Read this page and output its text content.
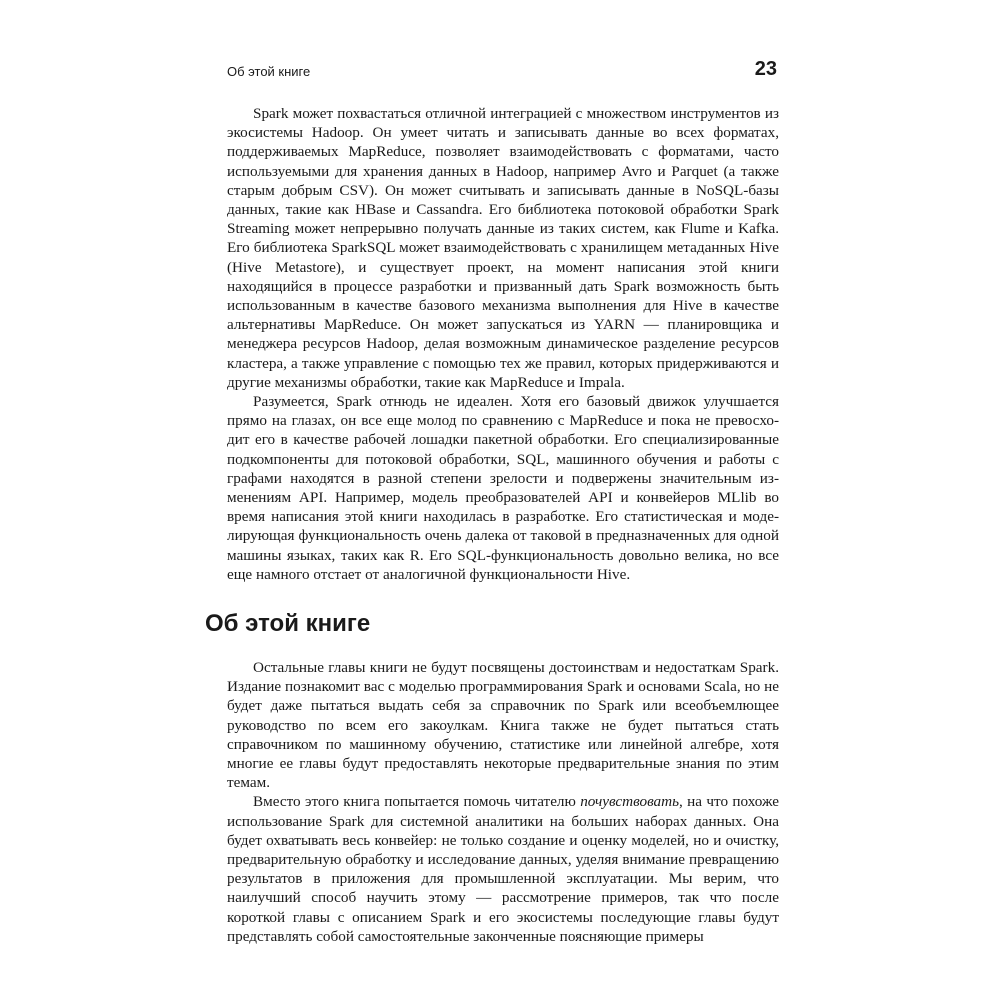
Об этой книге	23

Spark может похвастаться отличной интеграцией с множеством инструментов из экосистемы Hadoop. Он умеет читать и записывать данные во всех форматах, поддерживаемых MapReduce, позволяет взаимодействовать с форматами, часто используемыми для хранения данных в Hadoop, например Avro и Parquet (а также старым добрым CSV). Он может считывать и записывать данные в NoSQL-базы данных, такие как HBase и Cassandra. Его библиотека потоковой обработки Spark Streaming может непрерывно получать данные из таких систем, как Flume и Kafka. Его библиотека SparkSQL может взаимодействовать с хранилищем метаданных Hive (Hive Metastore), и существует проект, на момент написания этой книги находящийся в процессе разработки и призванный дать Spark возможность быть использованным в качестве базового механизма выполнения для Hive в качестве альтернативы MapReduce. Он может запускаться из YARN — планировщика и менеджера ресурсов Hadoop, делая возможным динамическое разделение ресурсов кластера, а также управление с помощью тех же правил, которых придерживаются и другие механизмы обработки, такие как MapReduce и Impala.

Разумеется, Spark отнюдь не идеален. Хотя его базовый движок улучшается прямо на глазах, он все еще молод по сравнению с MapReduce и пока не превосходит его в качестве рабочей лошадки пакетной обработки. Его специализированные подкомпоненты для потоковой обработки, SQL, машинного обучения и работы с графами находятся в разной степени зрелости и подвержены значительным изменениям API. Например, модель преобразователей API и конвейеров MLlib во время написания этой книги находилась в разработке. Его статистическая и моделирующая функциональность очень далека от таковой в предназначенных для одной машины языках, таких как R. Его SQL-функциональность довольно велика, но все еще намного отстает от аналогичной функциональности Hive.

Об этой книге

Остальные главы книги не будут посвящены достоинствам и недостаткам Spark. Издание познакомит вас с моделью программирования Spark и основами Scala, но не будет даже пытаться выдать себя за справочник по Spark или всеобъемлющее руководство по всем его закоулкам. Книга также не будет пытаться стать справочником по машинному обучению, статистике или линейной алгебре, хотя многие ее главы будут предоставлять некоторые предварительные знания по этим темам.

Вместо этого книга попытается помочь читателю почувствовать, на что похоже использование Spark для системной аналитики на больших наборах данных. Она будет охватывать весь конвейер: не только создание и оценку моделей, но и очистку, предварительную обработку и исследование данных, уделяя внимание превращению результатов в приложения для промышленной эксплуатации. Мы верим, что наилучший способ научить этому — рассмотрение примеров, так что после короткой главы с описанием Spark и его экосистемы последующие главы будут представлять собой самостоятельные законченные поясняющие примеры
